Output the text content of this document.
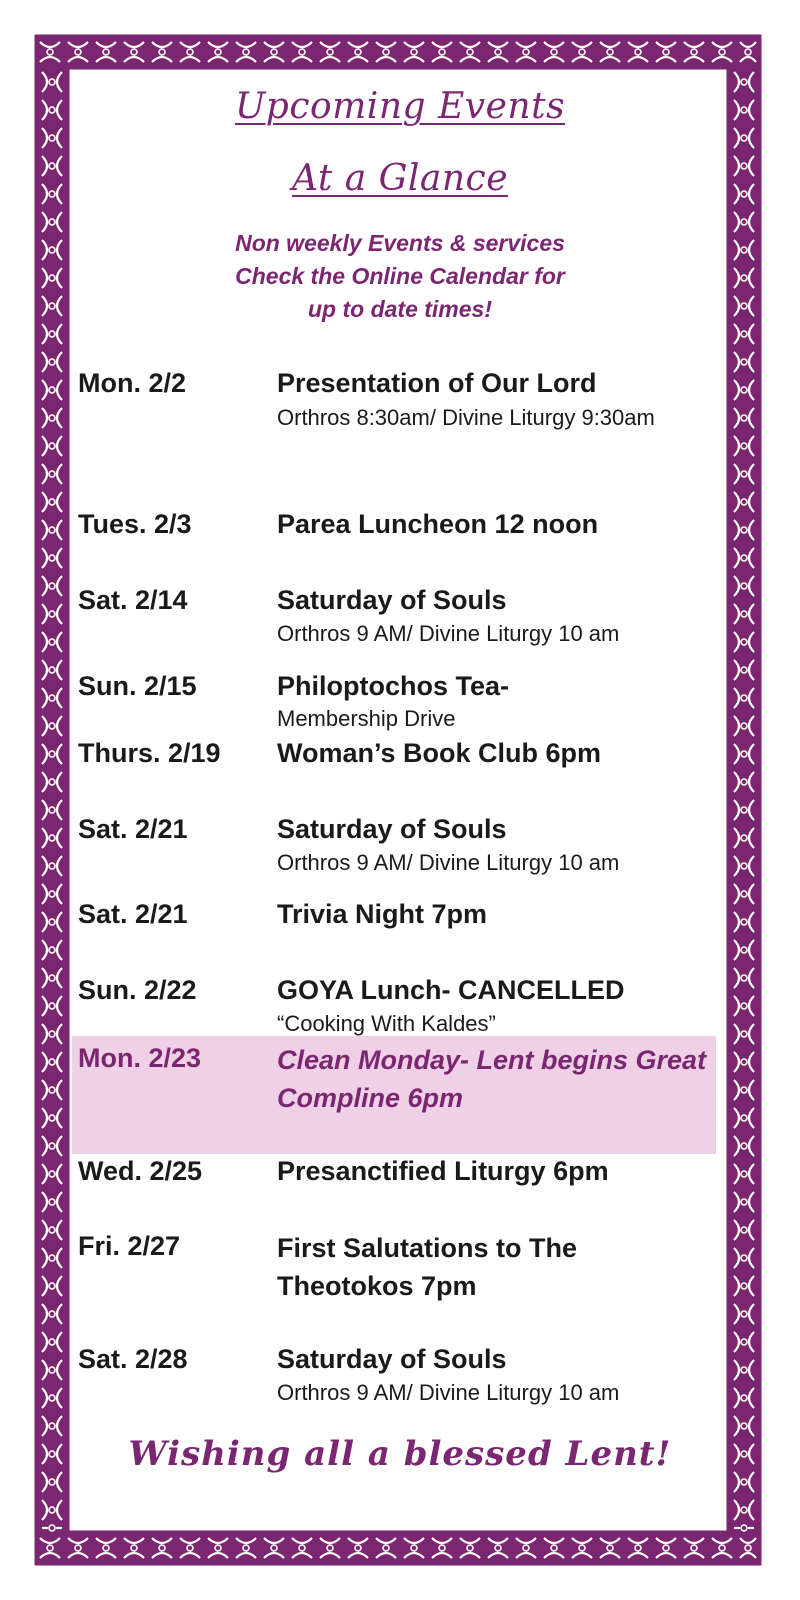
Upcoming Events
At a Glance
Non weekly Events & services
Check the Online Calendar for
up to date times!
Mon. 2/2	Presentation of Our Lord
Orthros 8:30am/ Divine Liturgy 9:30am
Tues. 2/3	Parea Luncheon 12 noon
Sat. 2/14	Saturday of Souls
Orthros 9 AM/ Divine Liturgy 10 am
Sun. 2/15	Philoptochos Tea-
Membership Drive
Thurs. 2/19 Woman’s Book Club 6pm
Sat. 2/21	Saturday of Souls
Orthros 9 AM/ Divine Liturgy 10 am
Sat. 2/21	Trivia Night 7pm
Sun. 2/22	GOYA Lunch- CANCELLED
“Cooking With Kaldes”
Mon. 2/23	Clean Monday- Lent begins Great Compline 6pm
Wed. 2/25	Presanctified Liturgy 6pm
Fri. 2/27	First Salutations to The Theotokos 7pm
Sat. 2/28	Saturday of Souls
Orthros 9 AM/ Divine Liturgy 10 am
Wishing all a blessed Lent!
